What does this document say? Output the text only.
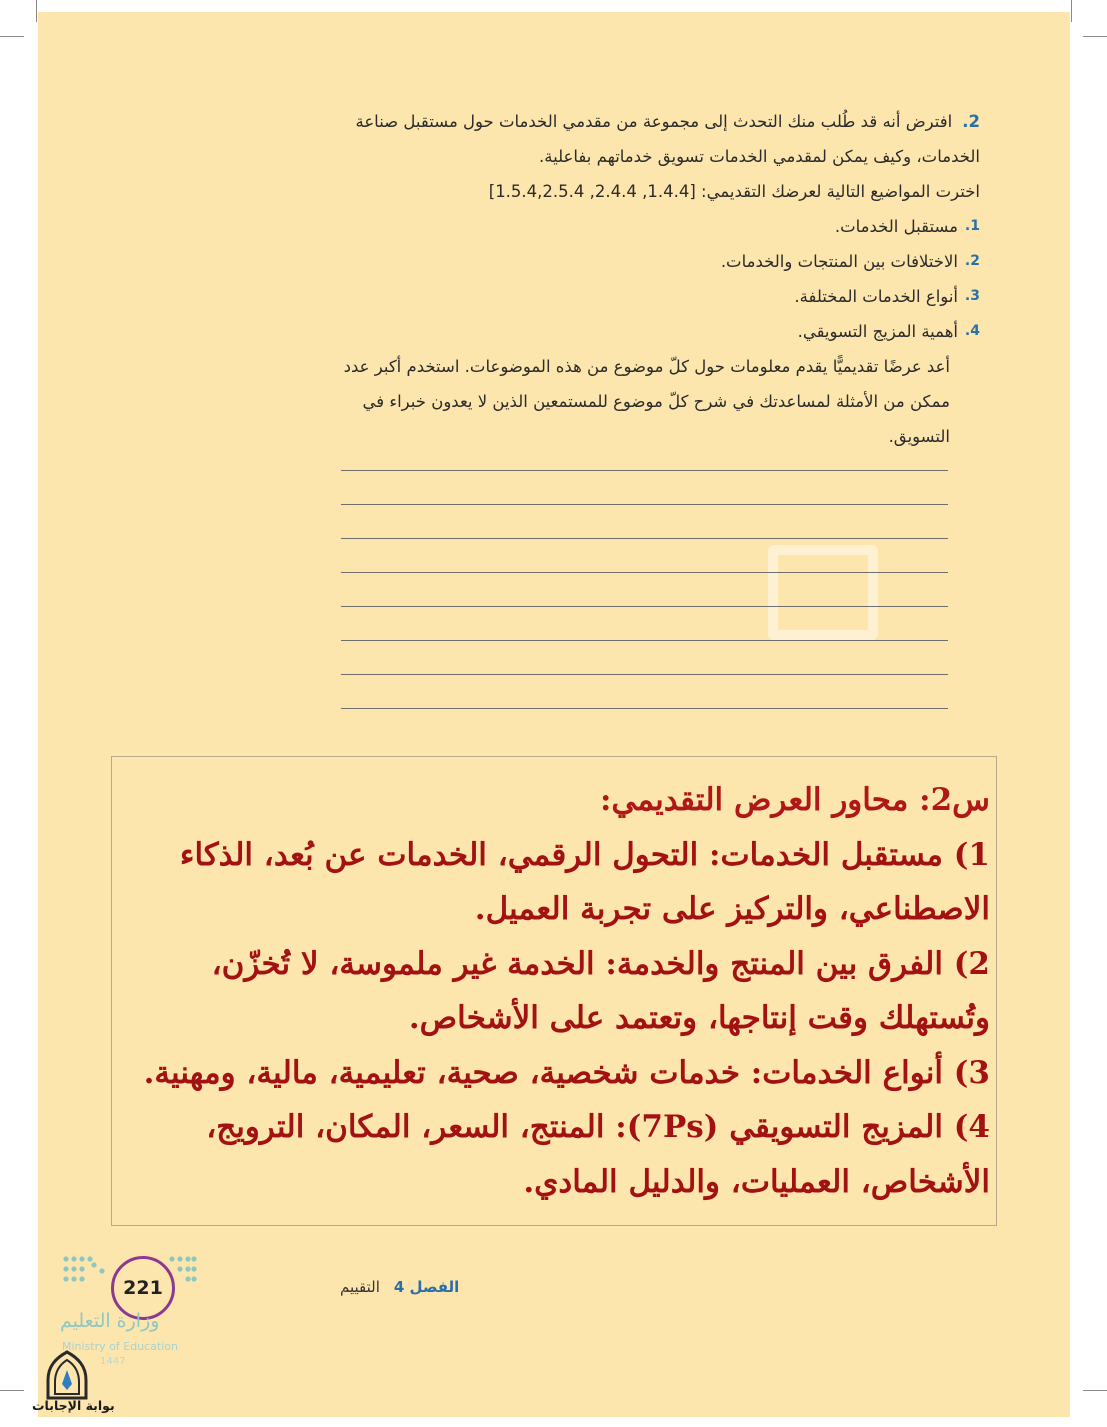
2.افترض أنه قد طُلب منك التحدث إلى مجموعة من مقدمي الخدمات حول مستقبل صناعة الخدمات، وكيف يمكن لمقدمي الخدمات تسويق خدماتهم بفاعلية.

اخترت المواضيع التالية لعرضك التقديمي: [1.4.4, 2.4.4, 1.5.4,2.5.4]

1.
مستقبل الخدمات.
2.
الاختلافات بين المنتجات والخدمات.
3.
أنواع الخدمات المختلفة.
4.
أهمية المزيج التسويقي.

أعد عرضًا تقديميًّا يقدم معلومات حول كلّ موضوع من هذه الموضوعات. استخدم أكبر عدد ممكن من الأمثلة لمساعدتك في شرح كلّ موضوع للمستمعين الذين لا يعدون خبراء في التسويق.

س2: محاور العرض التقديمي:

1) مستقبل الخدمات: التحول الرقمي، الخدمات عن بُعد، الذكاء الاصطناعي، والتركيز على تجربة العميل.

2) الفرق بين المنتج والخدمة: الخدمة غير ملموسة، لا تُخزّن، وتُستهلك وقت إنتاجها، وتعتمد على الأشخاص.

3) أنواع الخدمات: خدمات شخصية، صحية، تعليمية، مالية، ومهنية.

4) المزيج التسويقي (7Ps): المنتج، السعر، المكان، الترويج، الأشخاص، العمليات، والدليل المادي.

221	الفصل 4التقييم
وزارة التعليم
Ministry of Education
1447
بوابة الإجابات
